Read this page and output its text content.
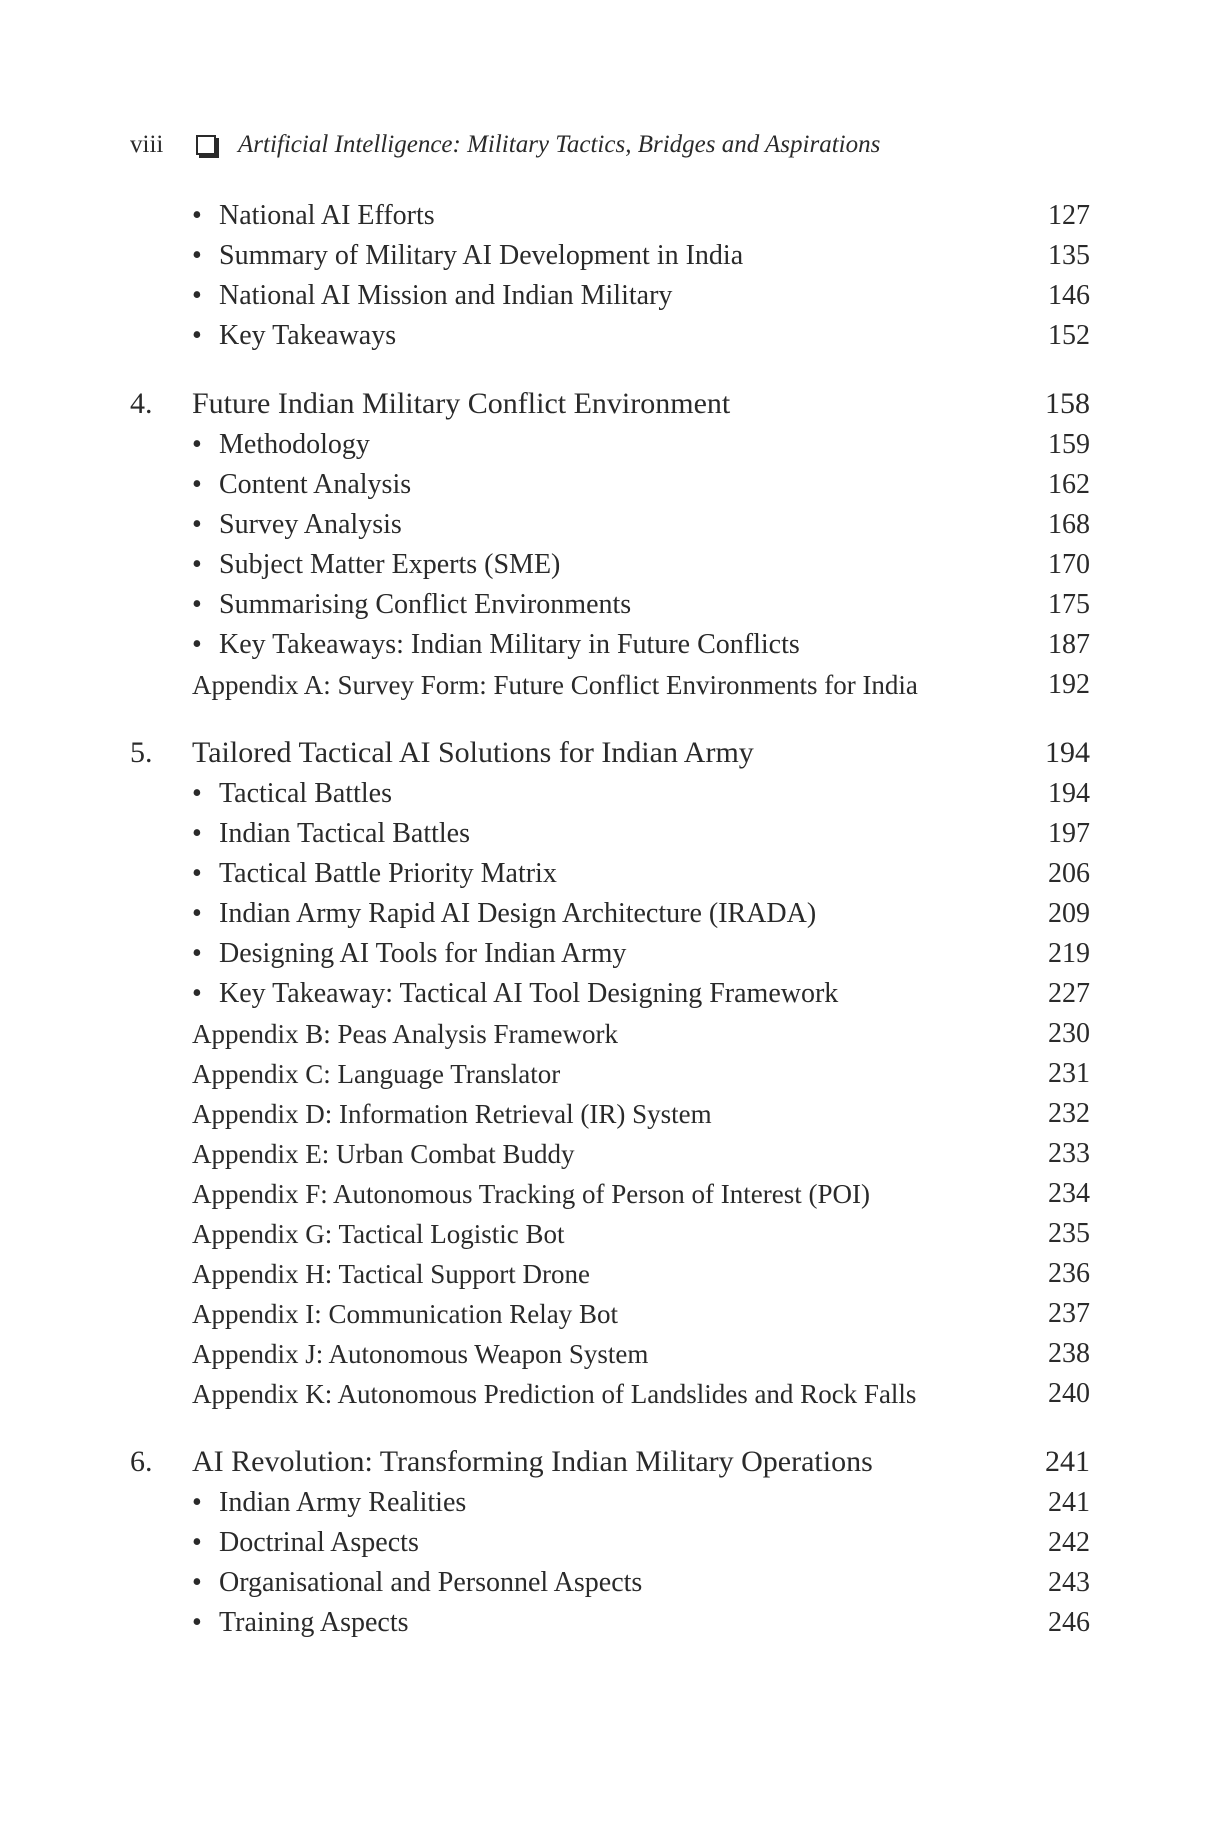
viii	Artificial Intelligence: Military Tactics, Bridges and Aspirations
• National AI Efforts	127
• Summary of Military AI Development in India	135
• National AI Mission and Indian Military	146
• Key Takeaways	152
4. Future Indian Military Conflict Environment	158
• Methodology	159
• Content Analysis	162
• Survey Analysis	168
• Subject Matter Experts (SME)	170
• Summarising Conflict Environments	175
• Key Takeaways: Indian Military in Future Conflicts	187
Appendix A: Survey Form: Future Conflict Environments for India	192
5. Tailored Tactical AI Solutions for Indian Army	194
• Tactical Battles	194
• Indian Tactical Battles	197
• Tactical Battle Priority Matrix	206
• Indian Army Rapid AI Design Architecture (IRADA)	209
• Designing AI Tools for Indian Army	219
• Key Takeaway: Tactical AI Tool Designing Framework	227
Appendix B: Peas Analysis Framework	230
Appendix C: Language Translator	231
Appendix D: Information Retrieval (IR) System	232
Appendix E: Urban Combat Buddy	233
Appendix F: Autonomous Tracking of Person of Interest (POI)	234
Appendix G: Tactical Logistic Bot	235
Appendix H: Tactical Support Drone	236
Appendix I: Communication Relay Bot	237
Appendix J: Autonomous Weapon System	238
Appendix K: Autonomous Prediction of Landslides and Rock Falls	240
6. AI Revolution: Transforming Indian Military Operations	241
• Indian Army Realities	241
• Doctrinal Aspects	242
• Organisational and Personnel Aspects	243
• Training Aspects	246
